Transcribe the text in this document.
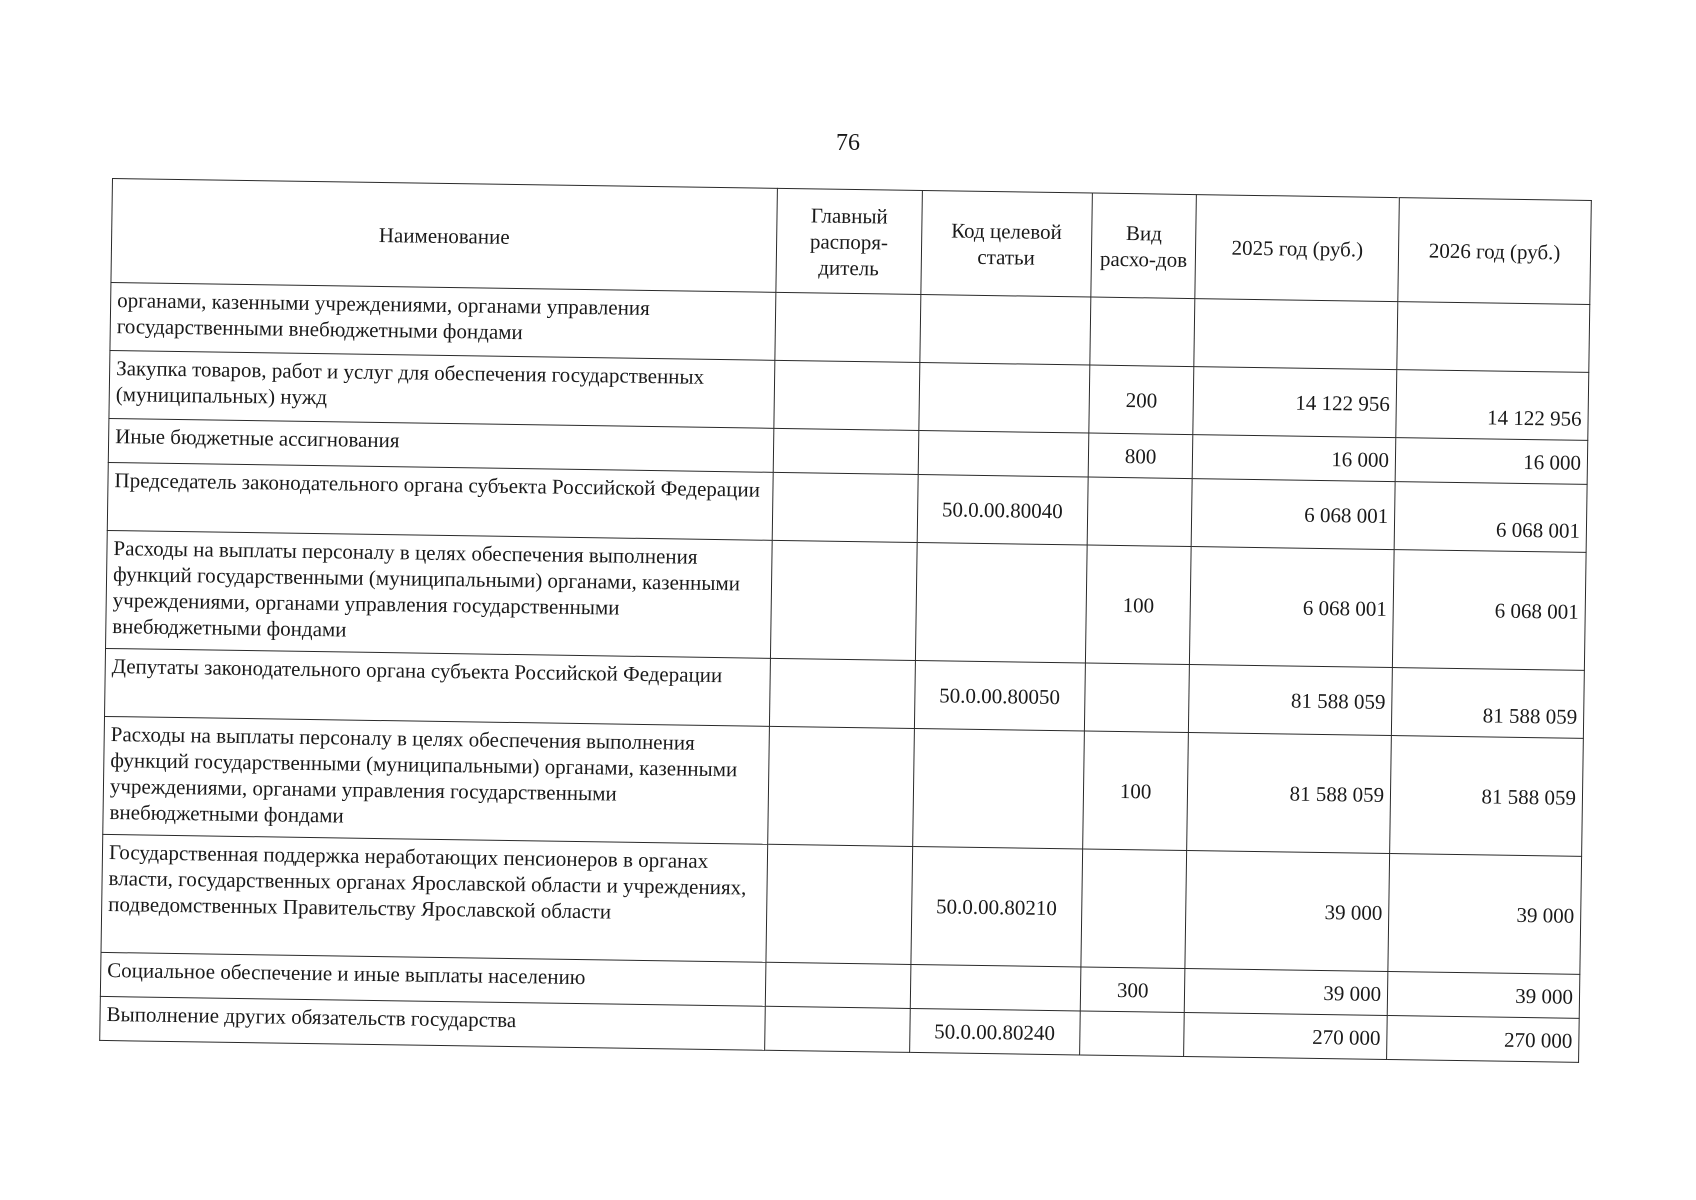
76
Наименование	Главный распоря-дитель	Код целевой статьи	Вид расхо-дов	2025 год (руб.)	2026 год (руб.)
органами, казенными учреждениями, органами управления государственными внебюджетными фондами					
Закупка товаров, работ и услуг для обеспечения государственных (муниципальных) нужд			200	14 122 956	14 122 956
Иные бюджетные ассигнования			800	16 000	16 000
Председатель законодательного органа субъекта Российской Федерации		50.0.00.80040		6 068 001	6 068 001
Расходы на выплаты персоналу в целях обеспечения выполнения функций государственными (муниципальными) органами, казенными учреждениями, органами управления государственными внебюджетными фондами			100	6 068 001	6 068 001
Депутаты законодательного органа субъекта Российской Федерации		50.0.00.80050		81 588 059	81 588 059
Расходы на выплаты персоналу в целях обеспечения выполнения функций государственными (муниципальными) органами, казенными учреждениями, органами управления государственными внебюджетными фондами			100	81 588 059	81 588 059
Государственная поддержка неработающих пенсионеров в органах власти, государственных органах Ярославской области и учреждениях, подведомственных Правительству Ярославской области		50.0.00.80210		39 000	39 000
Социальное обеспечение и иные выплаты населению			300	39 000	39 000
Выполнение других обязательств государства		50.0.00.80240		270 000	270 000
